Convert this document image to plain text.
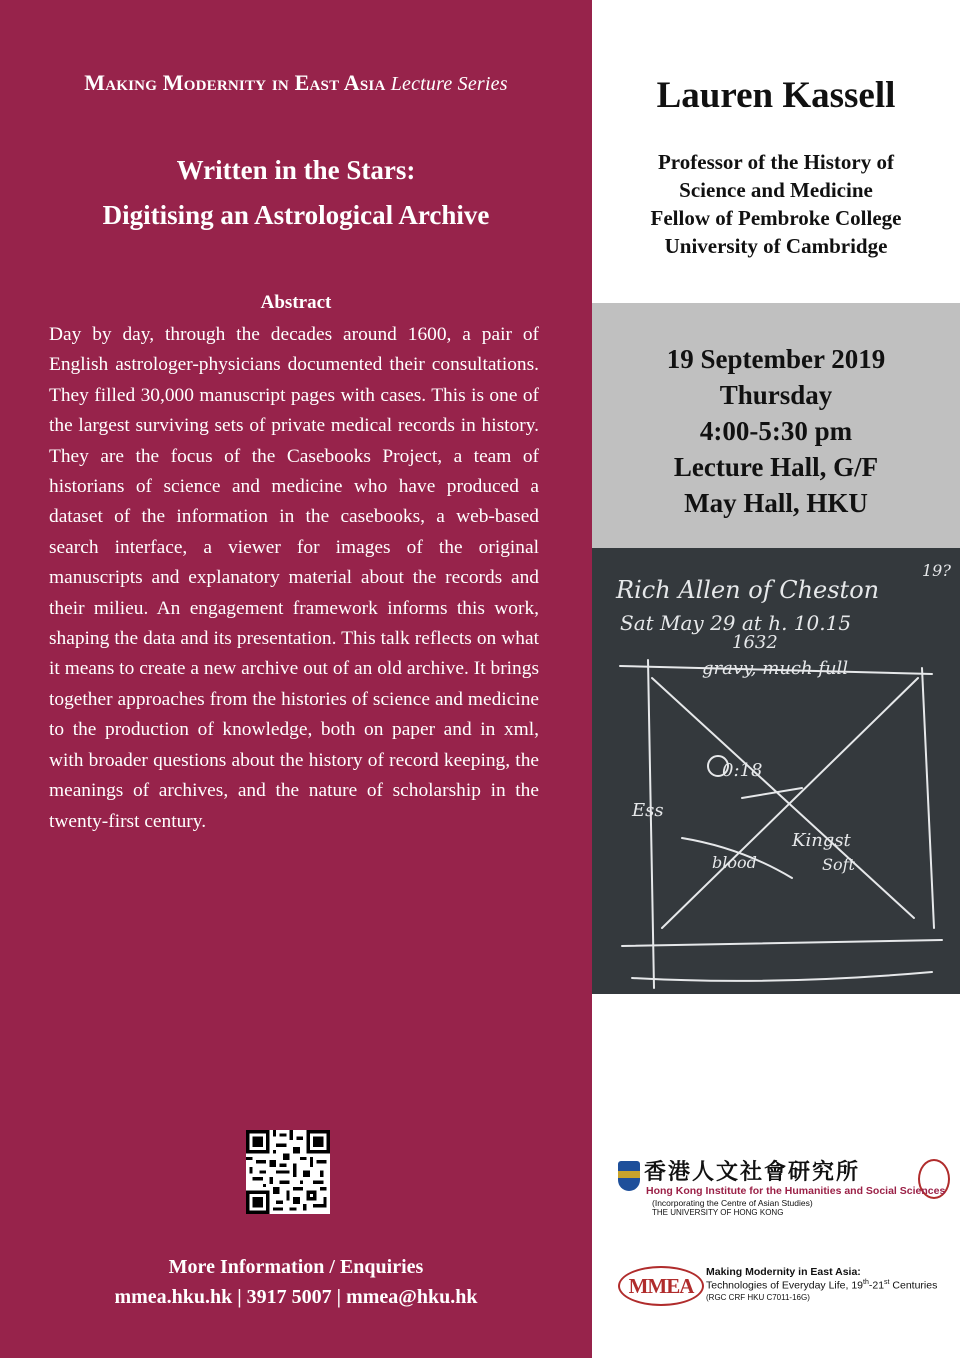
Making Modernity in East Asia Lecture Series
Written in the Stars:
Digitising an Astrological Archive
Abstract
Day by day, through the decades around 1600, a pair of English astrologer-physicians documented their consultations. They filled 30,000 manuscript pages with cases. This is one of the largest surviving sets of private medical records in history. They are the focus of the Casebooks Project, a team of historians of science and medicine who have produced a dataset of the information in the casebooks, a web-based search interface, a viewer for images of the original manuscripts and explanatory material about the records and their milieu. An engagement framework informs this work, shaping the data and its presentation. This talk reflects on what it means to create a new archive out of an old archive. It brings together approaches from the histories of science and medicine to the production of knowledge, both on paper and in xml, with broader questions about the history of record keeping, the meanings of archives, and the nature of scholarship in the twenty-first century.
More Information / Enquiries
mmea.hku.hk | 3917 5007 | mmea@hku.hk
Lauren Kassell
Professor of the History of
Science and Medicine
Fellow of Pembroke College
University of Cambridge
19 September 2019
Thursday
4:00-5:30 pm
Lecture Hall, G/F
May Hall, HKU
Rich Allen of Cheston
19?
Sat May 29 at h. 10.15
1632
gravy, much full
0:18
Ess
Kingst
blood	Soft
香港人文社會研究所
Hong Kong Institute for the Humanities and Social Sciences
(Incorporating the Centre of Asian Studies)
THE UNIVERSITY OF HONG KONG
MMEA
Making Modernity in East Asia:
Technologies of Everyday Life, 19th-21st Centuries
(RGC CRF HKU C7011-16G)
